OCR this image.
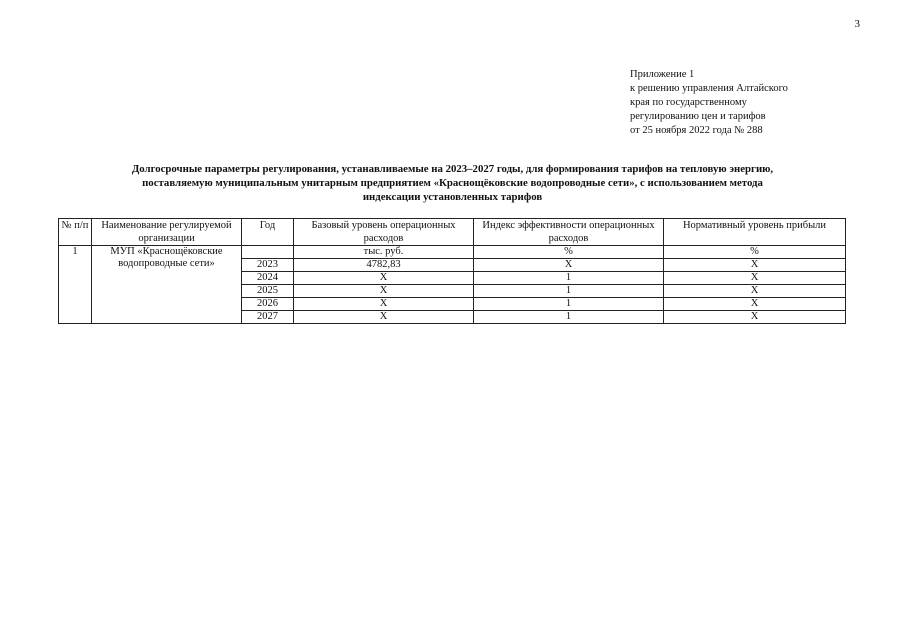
3
Приложение 1
к решению управления Алтайского
края по государственному
регулированию цен и тарифов
от 25 ноября 2022 года № 288
Долгосрочные параметры регулирования, устанавливаемые на 2023–2027 годы, для формирования тарифов на тепловую энергию,
поставляемую муниципальным унитарным предприятием «Краснощёковские водопроводные сети», с использованием метода
индексации установленных тарифов
№ п/п	Наименование регулируемой организации	Год	Базовый уровень операционных расходов	Индекс эффективности операционных расходов	Нормативный уровень прибыли
1	МУП «Краснощёковские водопроводные сети»		тыс. руб.	%	%
		2023	4782,83	Х	Х
		2024	Х	1	Х
		2025	Х	1	Х
		2026	Х	1	Х
		2027	Х	1	Х
